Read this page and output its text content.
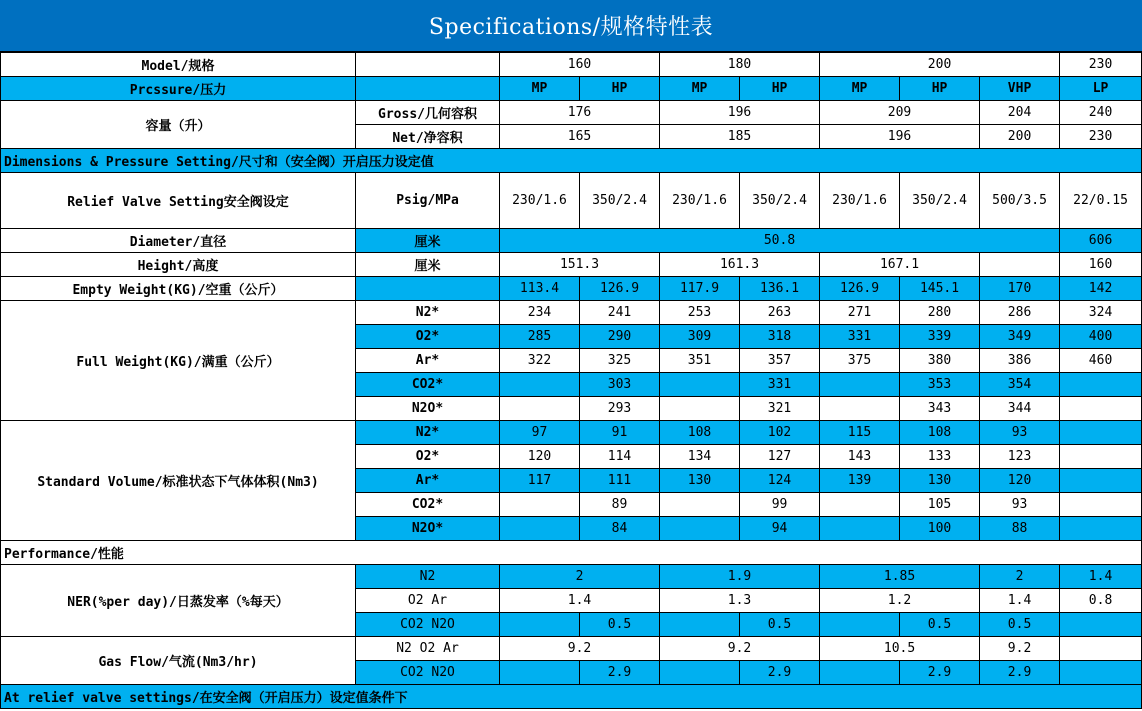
Specifications/规格特性表
Model/规格		160		180		200			230
Prcssure/压力		MP	HP	MP	HP	MP	HP	VHP	LP
容量（升）	Gross/几何容积	176		196		209		204	240
	Net/净容积	165		185		196		200	230
Dimensions & Pressure Setting/尺寸和（安全阀）开启压力设定值									
Relief Valve Setting安全阀设定	Psig/MPa	230/1.6	350/2.4	230/1.6	350/2.4	230/1.6	350/2.4	500/3.5	22/0.15
Diameter/直径	厘米	50.8							606
Height/高度	厘米	151.3		161.3		167.1			160
Empty Weight(KG)/空重（公斤）		113.4	126.9	117.9	136.1	126.9	145.1	170	142
Full Weight(KG)/满重（公斤）	N2*	234	241	253	263	271	280	286	324
	O2*	285	290	309	318	331	339	349	400
	Ar*	322	325	351	357	375	380	386	460
	CO2*		303		331		353	354	
	N2O*		293		321		343	344	
Standard Volume/标准状态下气体体积(Nm3)	N2*	97	91	108	102	115	108	93	
	O2*	120	114	134	127	143	133	123	
	Ar*	117	111	130	124	139	130	120	
	CO2*		89		99		105	93	
	N2O*		84		94		100	88	
Performance/性能									
NER(%per day)/日蒸发率（%每天）	N2	2		1.9		1.85		2	1.4
	O2 Ar	1.4		1.3		1.2		1.4	0.8
	CO2 N2O		0.5		0.5		0.5	0.5	
Gas Flow/气流(Nm3/hr)	N2 O2 Ar	9.2		9.2		10.5		9.2	
	CO2 N2O		2.9		2.9		2.9	2.9	
At relief valve settings/在安全阀（开启压力）设定值条件下									
